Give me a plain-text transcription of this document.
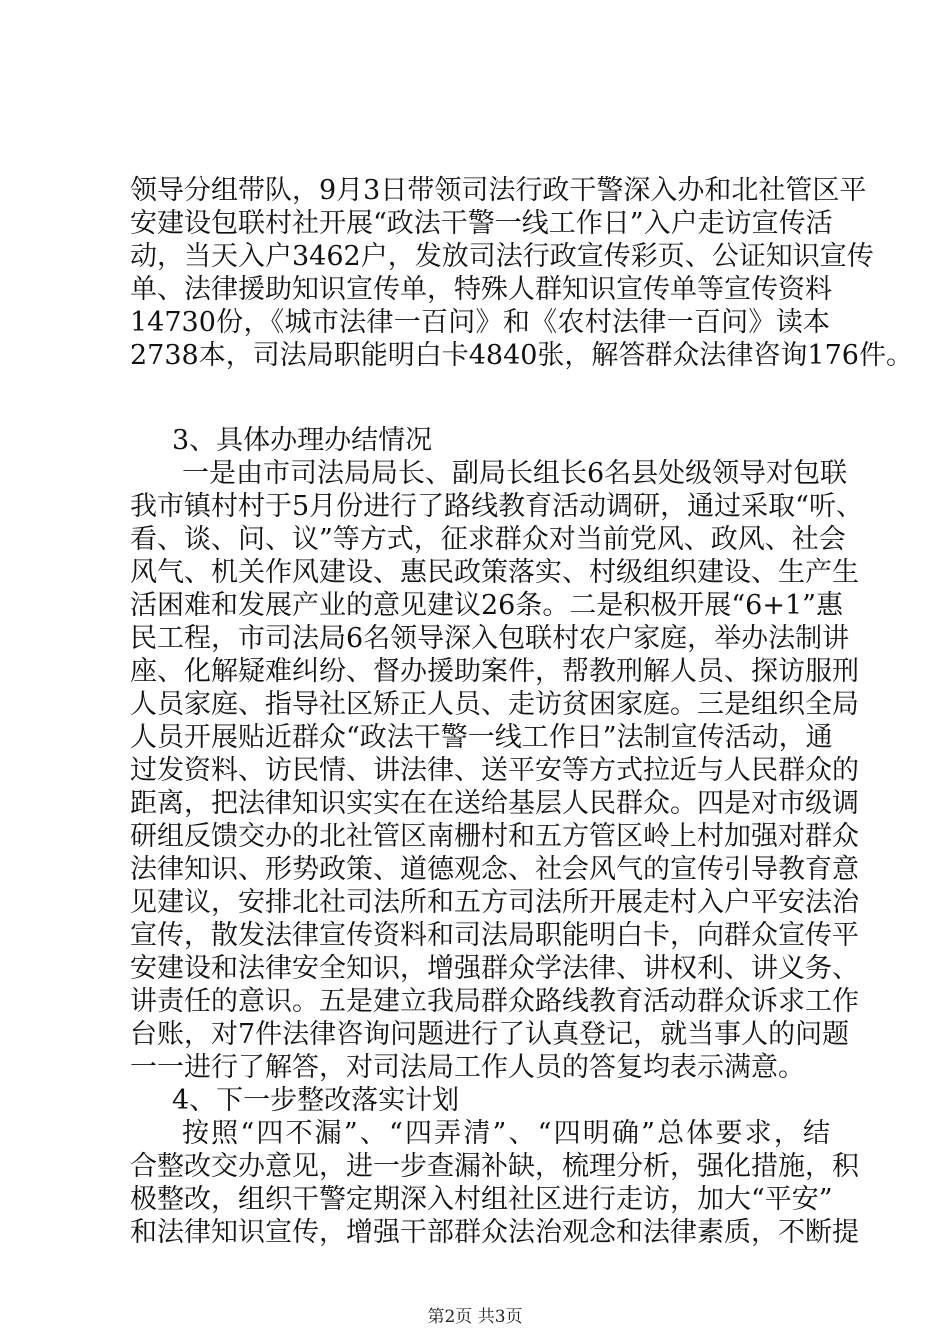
领导分组带队，9月3日带领司法行政干警深入办和北社管区平
安建设包联村社开展“政法干警一线工作日”入户走访宣传活
动，当天入户3462户，发放司法行政宣传彩页、公证知识宣传
单、法律援助知识宣传单，特殊人群知识宣传单等宣传资料
14730份，《城市法律一百问》和《农村法律一百问》读本
2738本，司法局职能明白卡4840张，解答群众法律咨询176件。
3、具体办理办结情况
一是由市司法局局长、副局长组长6名县处级领导对包联
我市镇村村于5月份进行了路线教育活动调研，通过采取“听、
看、谈、问、议”等方式，征求群众对当前党风、政风、社会
风气、机关作风建设、惠民政策落实、村级组织建设、生产生
活困难和发展产业的意见建议26条。二是积极开展“6+1”惠
民工程，市司法局6名领导深入包联村农户家庭，举办法制讲
座、化解疑难纠纷、督办援助案件，帮教刑解人员、探访服刑
人员家庭、指导社区矫正人员、走访贫困家庭。三是组织全局
人员开展贴近群众“政法干警一线工作日”法制宣传活动，通
过发资料、访民情、讲法律、送平安等方式拉近与人民群众的
距离，把法律知识实实在在送给基层人民群众。四是对市级调
研组反馈交办的北社管区南栅村和五方管区岭上村加强对群众
法律知识、形势政策、道德观念、社会风气的宣传引导教育意
见建议，安排北社司法所和五方司法所开展走村入户平安法治
宣传，散发法律宣传资料和司法局职能明白卡，向群众宣传平
安建设和法律安全知识，增强群众学法律、讲权利、讲义务、
讲责任的意识。五是建立我局群众路线教育活动群众诉求工作
台账，对7件法律咨询问题进行了认真登记，就当事人的问题
一一进行了解答，对司法局工作人员的答复均表示满意。
4、下一步整改落实计划
按照“四不漏”、“四弄清”、“四明确”总体要求，结
合整改交办意见，进一步查漏补缺，梳理分析，强化措施，积
极整改，组织干警定期深入村组社区进行走访，加大“平安”
和法律知识宣传，增强干部群众法治观念和法律素质，不断提
第2页 共3页
